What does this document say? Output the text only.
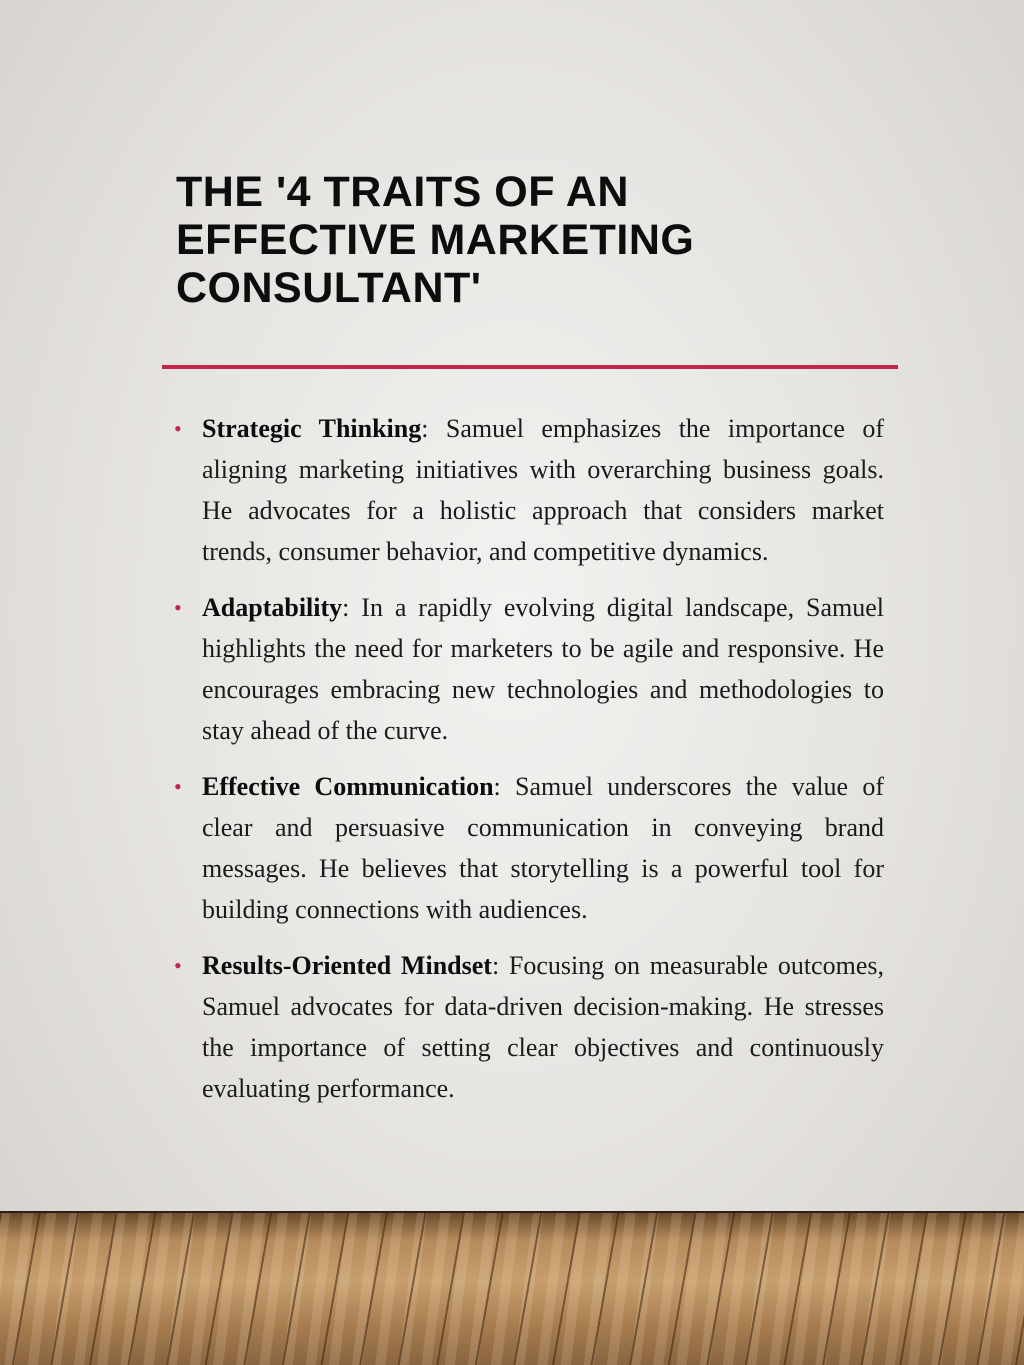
THE '4 TRAITS OF AN
EFFECTIVE MARKETING
CONSULTANT'
• Strategic Thinking: Samuel emphasizes the importance of aligning marketing initiatives with overarching business goals. He advocates for a holistic approach that considers market trends, consumer behavior, and competitive dynamics.
• Adaptability: In a rapidly evolving digital landscape, Samuel highlights the need for marketers to be agile and responsive. He encourages embracing new technologies and methodologies to stay ahead of the curve.
• Effective Communication: Samuel underscores the value of clear and persuasive communication in conveying brand messages. He believes that storytelling is a powerful tool for building connections with audiences.
• Results-Oriented Mindset: Focusing on measurable outcomes, Samuel advocates for data-driven decision-making. He stresses the importance of setting clear objectives and continuously evaluating performance.
